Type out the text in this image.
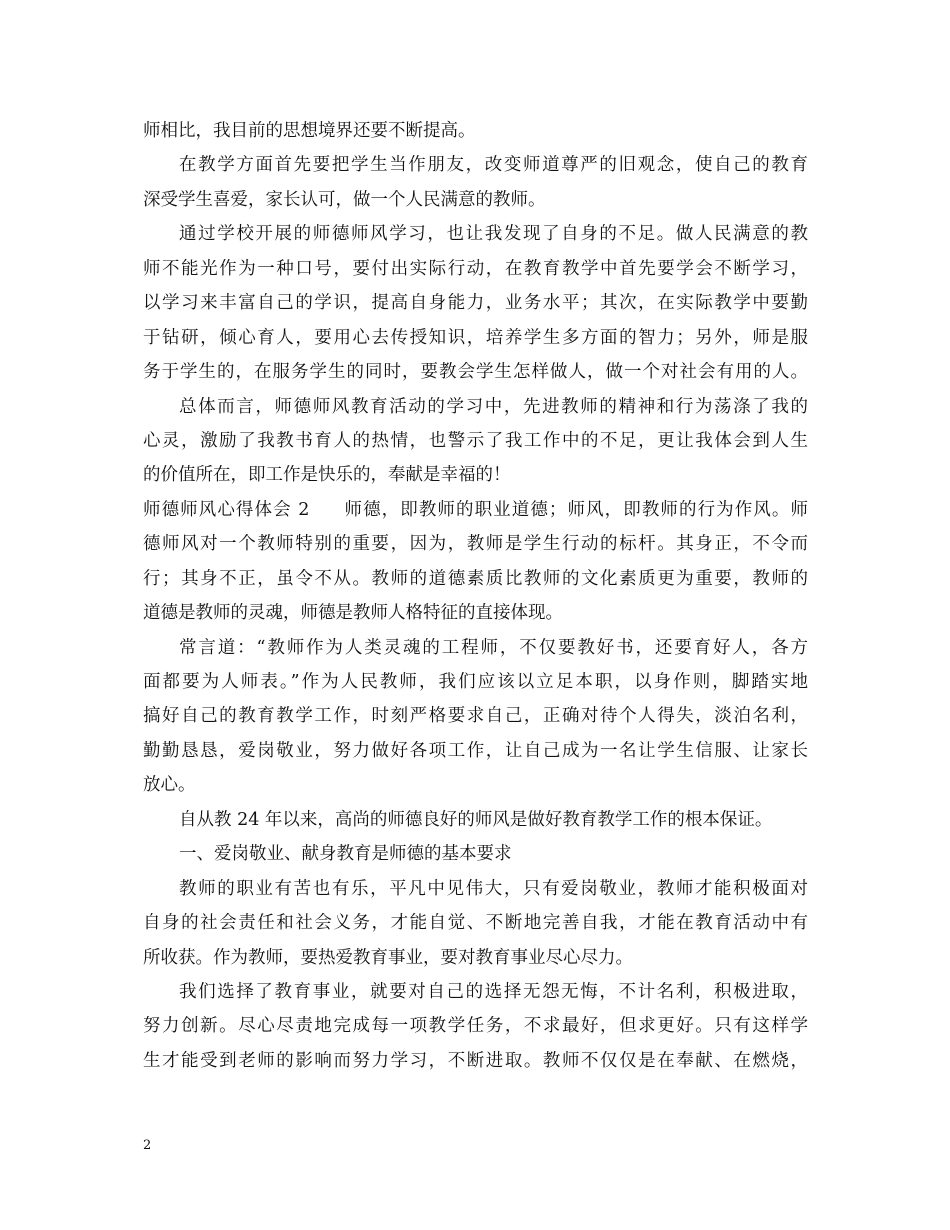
师相比，我目前的思想境界还要不断提高。
在教学方面首先要把学生当作朋友，改变师道尊严的旧观念，使自己的教育
深受学生喜爱，家长认可，做一个人民满意的教师。
通过学校开展的师德师风学习，也让我发现了自身的不足。做人民满意的教
师不能光作为一种口号，要付出实际行动，在教育教学中首先要学会不断学习，
以学习来丰富自己的学识，提高自身能力，业务水平；其次，在实际教学中要勤
于钻研，倾心育人，要用心去传授知识，培养学生多方面的智力；另外，师是服
务于学生的，在服务学生的同时，要教会学生怎样做人，做一个对社会有用的人。
总体而言，师德师风教育活动的学习中，先进教师的精神和行为荡涤了我的
心灵，激励了我教书育人的热情，也警示了我工作中的不足，更让我体会到人生
的价值所在，即工作是快乐的，奉献是幸福的！
师德师风心得体会 2 师德，即教师的职业道德；师风，即教师的行为作风。师
德师风对一个教师特别的重要，因为，教师是学生行动的标杆。其身正，不令而
行；其身不正，虽令不从。教师的道德素质比教师的文化素质更为重要，教师的
道德是教师的灵魂，师德是教师人格特征的直接体现。
常言道：“教师作为人类灵魂的工程师，不仅要教好书，还要育好人，各方
面都要为人师表。”作为人民教师，我们应该以立足本职，以身作则，脚踏实地
搞好自己的教育教学工作，时刻严格要求自己，正确对待个人得失，淡泊名利，
勤勤恳恳，爱岗敬业，努力做好各项工作，让自己成为一名让学生信服、让家长
放心。
自从教 24 年以来，高尚的师德良好的师风是做好教育教学工作的根本保证。
一、爱岗敬业、献身教育是师德的基本要求
教师的职业有苦也有乐，平凡中见伟大，只有爱岗敬业，教师才能积极面对
自身的社会责任和社会义务，才能自觉、不断地完善自我，才能在教育活动中有
所收获。作为教师，要热爱教育事业，要对教育事业尽心尽力。
我们选择了教育事业，就要对自己的选择无怨无悔，不计名利，积极进取，
努力创新。尽心尽责地完成每一项教学任务，不求最好，但求更好。只有这样学
生才能受到老师的影响而努力学习，不断进取。教师不仅仅是在奉献、在燃烧，
2
